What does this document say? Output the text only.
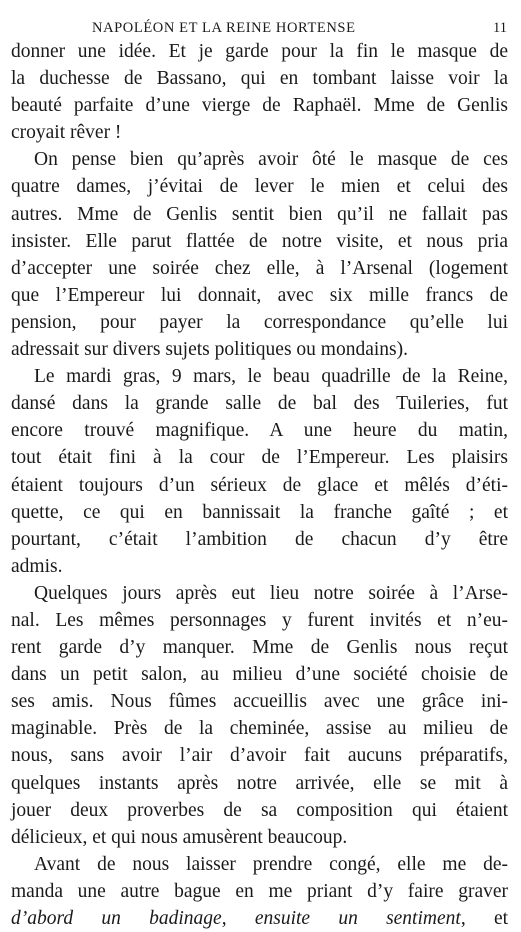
NAPOLÉON ET LA REINE HORTENSE	11
donner une idée. Et je garde pour la fin le masque de
la duchesse de Bassano, qui en tombant laisse voir la
beauté parfaite d’une vierge de Raphaël. Mme de Genlis
croyait rêver !
On pense bien qu’après avoir ôté le masque de ces
quatre dames, j’évitai de lever le mien et celui des
autres. Mme de Genlis sentit bien qu’il ne fallait pas
insister. Elle parut flattée de notre visite, et nous pria
d’accepter une soirée chez elle, à l’Arsenal (logement
que l’Empereur lui donnait, avec six mille francs de
pension, pour payer la correspondance qu’elle lui
adressait sur divers sujets politiques ou mondains).
Le mardi gras, 9 mars, le beau quadrille de la Reine,
dansé dans la grande salle de bal des Tuileries, fut
encore trouvé magnifique. A une heure du matin,
tout était fini à la cour de l’Empereur. Les plaisirs
étaient toujours d’un sérieux de glace et mêlés d’éti-
quette, ce qui en bannissait la franche gaîté ; et
pourtant, c’était l’ambition de chacun d’y être
admis.
Quelques jours après eut lieu notre soirée à l’Arse-
nal. Les mêmes personnages y furent invités et n’eu-
rent garde d’y manquer. Mme de Genlis nous reçut
dans un petit salon, au milieu d’une société choisie de
ses amis. Nous fûmes accueillis avec une grâce ini-
maginable. Près de la cheminée, assise au milieu de
nous, sans avoir l’air d’avoir fait aucuns préparatifs,
quelques instants après notre arrivée, elle se mit à
jouer deux proverbes de sa composition qui étaient
délicieux, et qui nous amusèrent beaucoup.
Avant de nous laisser prendre congé, elle me de-
manda une autre bague en me priant d’y faire graver
d’abord un badinage, ensuite un sentiment, et
